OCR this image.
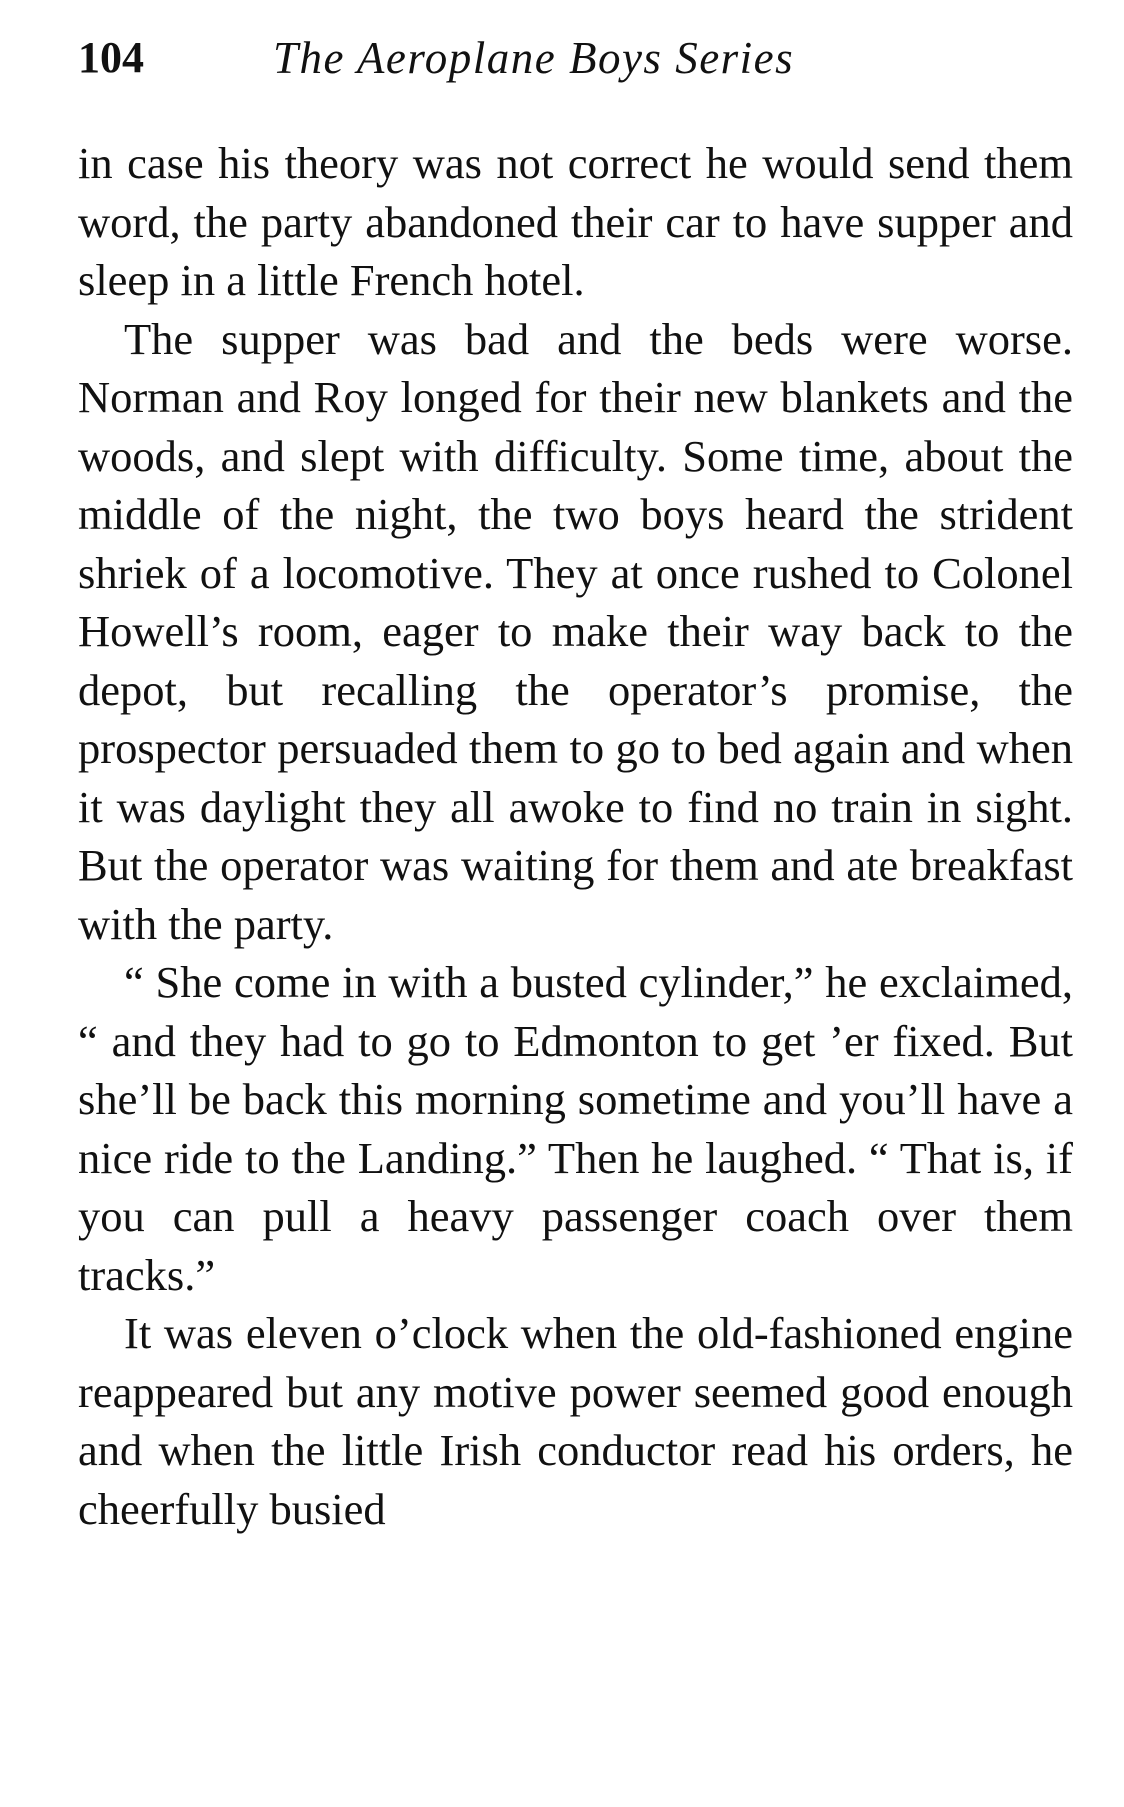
104	The Aeroplane Boys Series

in case his theory was not correct he would send them word, the party abandoned their car to have supper and sleep in a little French hotel.

The supper was bad and the beds were worse. Norman and Roy longed for their new blankets and the woods, and slept with difficulty. Some time, about the middle of the night, the two boys heard the strident shriek of a locomotive. They at once rushed to Colonel Howell’s room, eager to make their way back to the depot, but recalling the operator’s promise, the prospector persuaded them to go to bed again and when it was daylight they all awoke to find no train in sight. But the operator was waiting for them and ate breakfast with the party.

“ She come in with a busted cylinder,” he exclaimed, “ and they had to go to Edmonton to get ’er fixed. But she’ll be back this morning sometime and you’ll have a nice ride to the Landing.” Then he laughed. “ That is, if you can pull a heavy passenger coach over them tracks.”

It was eleven o’clock when the old-fashioned engine reappeared but any motive power seemed good enough and when the little Irish conductor read his orders, he cheerfully busied
